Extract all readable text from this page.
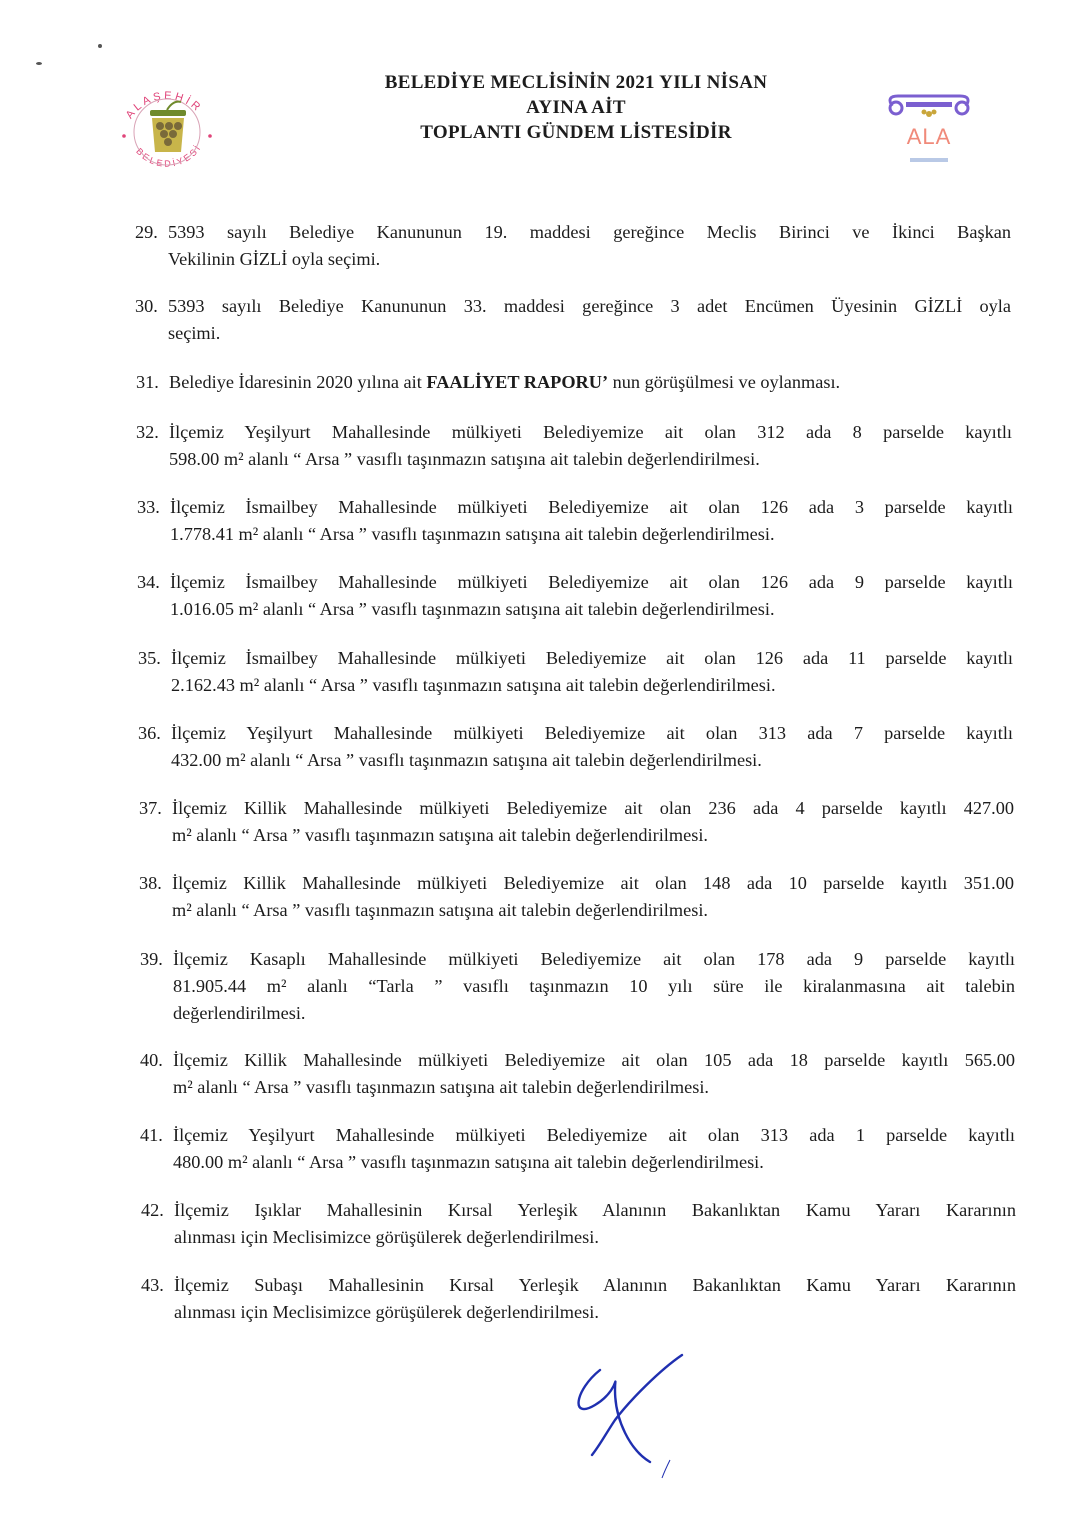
ALAŞEHİR
BELEDİYESİ
BELEDİYE MECLİSİNİN 2021 YILI NİSAN
AYINA AİT
TOPLANTI GÜNDEM LİSTESİDİR	ALA
29. 5393 sayılı Belediye Kanununun 19. maddesi gereğince Meclis Birinci ve İkinci Başkan
Vekilinin GİZLİ oyla seçimi.
30. 5393 sayılı Belediye Kanununun 33. maddesi gereğince 3 adet Encümen Üyesinin GİZLİ oyla
seçimi.
31. Belediye İdaresinin 2020 yılına ait FAALİYET RAPORU’ nun görüşülmesi ve oylanması.
32. İlçemiz Yeşilyurt Mahallesinde mülkiyeti Belediyemize ait olan 312 ada 8 parselde kayıtlı
598.00 m² alanlı “ Arsa ” vasıflı taşınmazın satışına ait talebin değerlendirilmesi.
33. İlçemiz İsmailbey Mahallesinde mülkiyeti Belediyemize ait olan 126 ada 3 parselde kayıtlı
1.778.41 m² alanlı “ Arsa ” vasıflı taşınmazın satışına ait talebin değerlendirilmesi.
34. İlçemiz İsmailbey Mahallesinde mülkiyeti Belediyemize ait olan 126 ada 9 parselde kayıtlı
1.016.05 m² alanlı “ Arsa ” vasıflı taşınmazın satışına ait talebin değerlendirilmesi.
35. İlçemiz İsmailbey Mahallesinde mülkiyeti Belediyemize ait olan 126 ada 11 parselde kayıtlı
2.162.43 m² alanlı “ Arsa ” vasıflı taşınmazın satışına ait talebin değerlendirilmesi.
36. İlçemiz Yeşilyurt Mahallesinde mülkiyeti Belediyemize ait olan 313 ada 7 parselde kayıtlı
432.00 m² alanlı “ Arsa ” vasıflı taşınmazın satışına ait talebin değerlendirilmesi.
37. İlçemiz Killik Mahallesinde mülkiyeti Belediyemize ait olan 236 ada 4 parselde kayıtlı 427.00
m² alanlı “ Arsa ” vasıflı taşınmazın satışına ait talebin değerlendirilmesi.
38. İlçemiz Killik Mahallesinde mülkiyeti Belediyemize ait olan 148 ada 10 parselde kayıtlı 351.00
m² alanlı “ Arsa ” vasıflı taşınmazın satışına ait talebin değerlendirilmesi.
39. İlçemiz Kasaplı Mahallesinde mülkiyeti Belediyemize ait olan 178 ada 9 parselde kayıtlı
81.905.44 m² alanlı “Tarla ” vasıflı taşınmazın 10 yılı süre ile kiralanmasına ait talebin
değerlendirilmesi.
40. İlçemiz Killik Mahallesinde mülkiyeti Belediyemize ait olan 105 ada 18 parselde kayıtlı 565.00
m² alanlı “ Arsa ” vasıflı taşınmazın satışına ait talebin değerlendirilmesi.
41. İlçemiz Yeşilyurt Mahallesinde mülkiyeti Belediyemize ait olan 313 ada 1 parselde kayıtlı
480.00 m² alanlı “ Arsa ” vasıflı taşınmazın satışına ait talebin değerlendirilmesi.
42. İlçemiz Işıklar Mahallesinin Kırsal Yerleşik Alanının Bakanlıktan Kamu Yararı Kararının
alınması için Meclisimizce görüşülerek değerlendirilmesi.
43. İlçemiz Subaşı Mahallesinin Kırsal Yerleşik Alanının Bakanlıktan Kamu Yararı Kararının
alınması için Meclisimizce görüşülerek değerlendirilmesi.
